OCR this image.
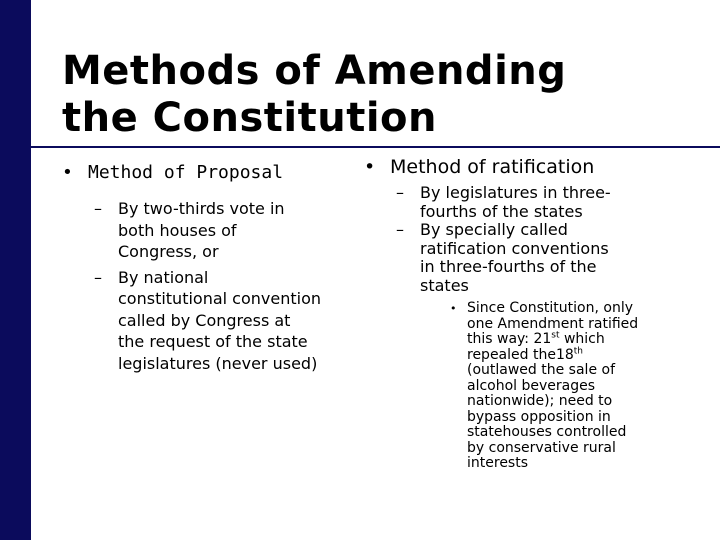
Methods of Amending
the Constitution
• Method of Proposal
– By two-thirds vote in
both houses of
Congress, or
– By national
constitutional convention
called by Congress at
the request of the state
legislatures (never used)
• Method of ratification
– By legislatures in three-
fourths of the states
– By specially called
ratification conventions
in three-fourths of the
states
• Since Constitution, only
one Amendment ratified
this way: 21st which
repealed the18th
(outlawed the sale of
alcohol beverages
nationwide); need to
bypass opposition in
statehouses controlled
by conservative rural
interests
